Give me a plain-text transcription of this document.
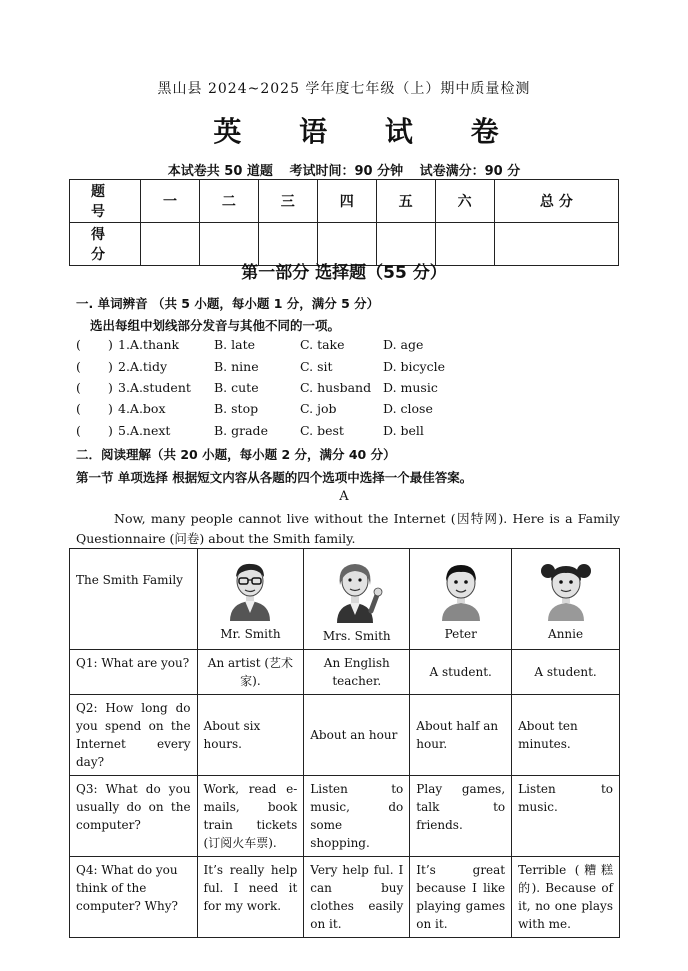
黑山县 2024~2025 学年度七年级（上）期中质量检测
英 语 试 卷
本试卷共 50 道题 考试时间：90 分钟 试卷满分：90 分
题 号	一	二	三	四	五	六	总 分
得 分							
第一部分 选择题（55 分）
一. 单词辨音 （共 5 小题，每小题 1 分，满分 5 分）
选出每组中划线部分发音与其他不同的一项。
( ) 1.A.thank	B. late	C. take	D. age
( ) 2.A.tidy	B. nine	C. sit	D. bicycle
( ) 3.A.student B. cute	C. husband D. music
( ) 4.A.box	B. stop	C. job	D. close
( ) 5.A.next	B. grade	C. best	D. bell
二．阅读理解（共 20 小题，每小题 2 分，满分 40 分）
第一节 单项选择 根据短文内容从各题的四个选项中选择一个最佳答案。
A
Now, many people cannot live without the Internet (因特网). Here is a Family Questionnaire (问卷) about the Smith family.
The Smith Family	Mr. Smith	Mrs. Smith	Peter	Annie

Q1: What are you?	An artist (艺术家).	An English teacher.	A student.	A student.
Q2: How long do you spend on the Internet every day?	About six hours.	About an hour	About half an hour.	About ten minutes.
Q3: What do you usually do on the computer?	Work, read e-mails, book train tickets (订阅火车票).	Listen to music, do some shopping.	Play games, talk to friends.	Listen to music.
Q4: What do you think of the computer? Why?	It’s really help ful. I need it for my work.	Very help ful. I can buy clothes easily on it.	It’s great because I like playing games on it.	Terrible (糟糕的). Because of it, no one plays with me.
